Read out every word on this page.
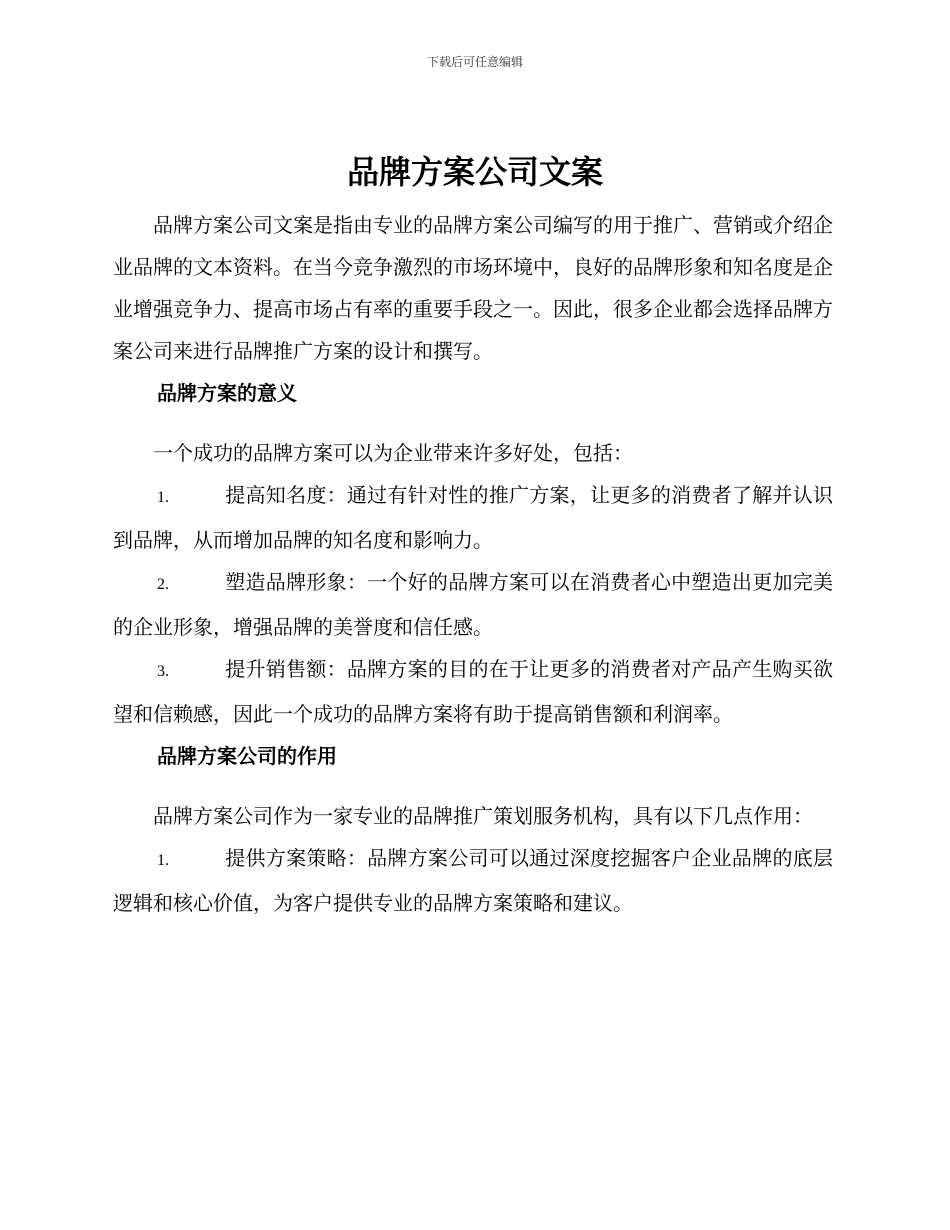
下载后可任意编辑
品牌方案公司文案

品牌方案公司文案是指由专业的品牌方案公司编写的用于推广、营销或介绍企业品牌的文本资料。在当今竞争激烈的市场环境中，良好的品牌形象和知名度是企业增强竞争力、提高市场占有率的重要手段之一。因此，很多企业都会选择品牌方案公司来进行品牌推广方案的设计和撰写。

品牌方案的意义

一个成功的品牌方案可以为企业带来许多好处，包括：

1.	提高知名度：通过有针对性的推广方案，让更多的消费者了解并认识到品牌，从而增加品牌的知名度和影响力。

2.	塑造品牌形象：一个好的品牌方案可以在消费者心中塑造出更加完美的企业形象，增强品牌的美誉度和信任感。

3.	提升销售额：品牌方案的目的在于让更多的消费者对产品产生购买欲望和信赖感，因此一个成功的品牌方案将有助于提高销售额和利润率。

品牌方案公司的作用

品牌方案公司作为一家专业的品牌推广策划服务机构，具有以下几点作用：

1.	提供方案策略：品牌方案公司可以通过深度挖掘客户企业品牌的底层逻辑和核心价值，为客户提供专业的品牌方案策略和建议。
